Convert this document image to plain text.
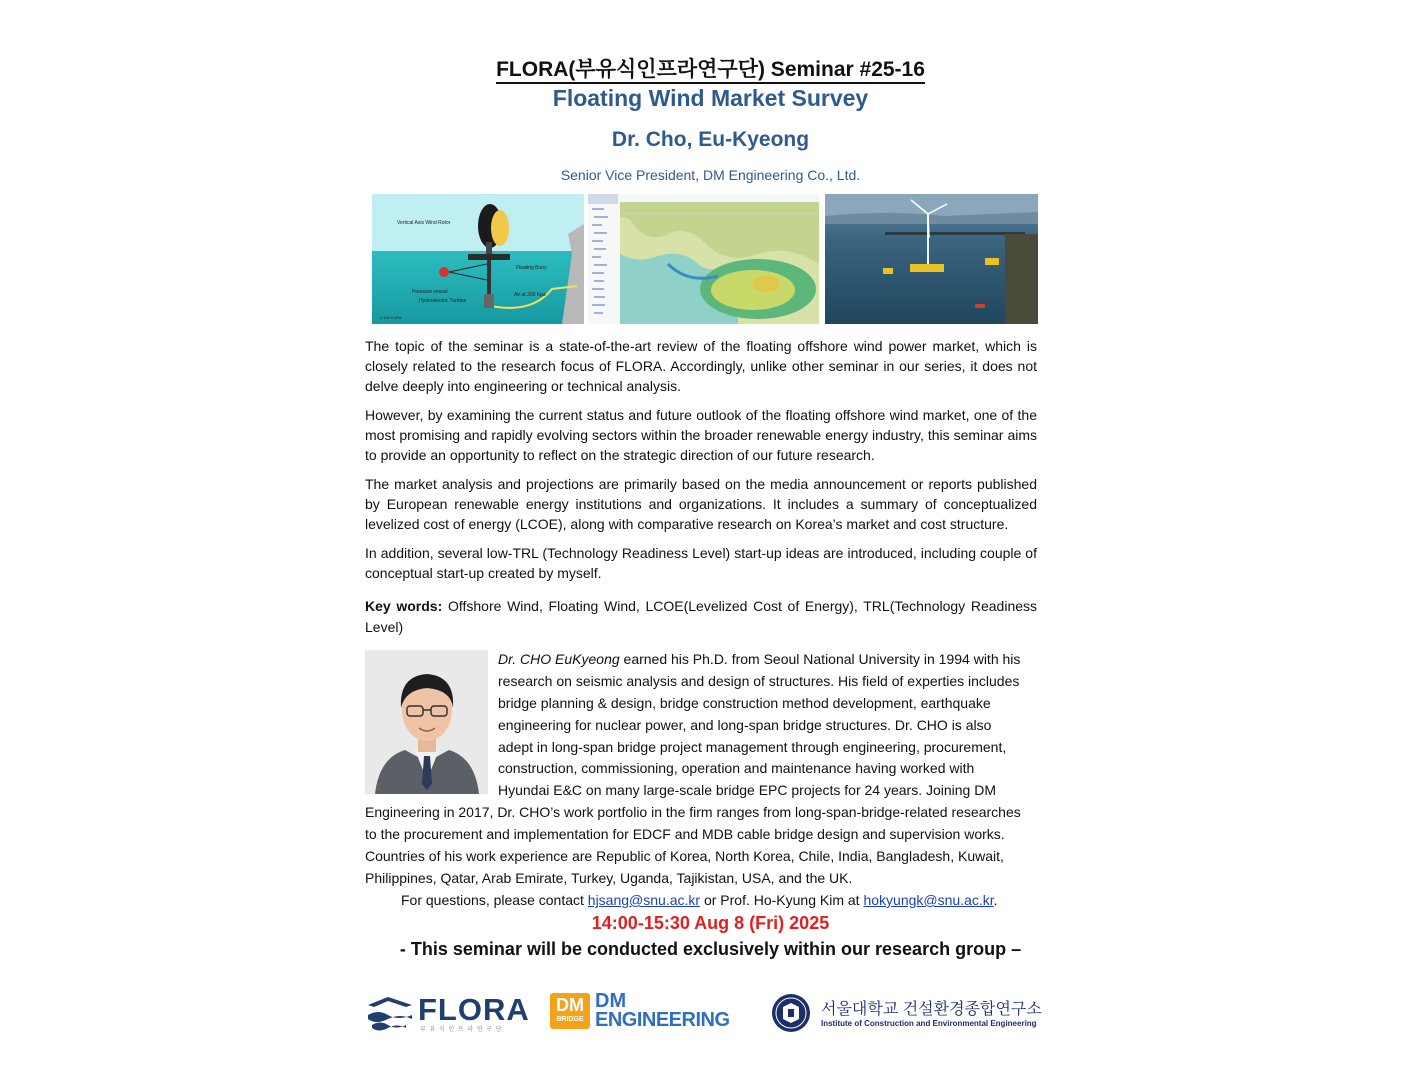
FLORA(부유식인프라연구단) Seminar #25-16
Floating Wind Market Survey
Dr. Cho, Eu-Kyeong
Senior Vice President, DM Engineering Co., Ltd.
Vertical Axis Wind Rotor
Floating Buoy
Pressure vessel
Hydroelectric Turbine
Air at 200 Kpa
1 100.0 kPa
The topic of the seminar is a state-of-the-art review of the floating offshore wind power market, which is closely related to the research focus of FLORA. Accordingly, unlike other seminar in our series, it does not delve deeply into engineering or technical analysis.
However, by examining the current status and future outlook of the floating offshore wind market, one of the most promising and rapidly evolving sectors within the broader renewable energy industry, this seminar aims to provide an opportunity to reflect on the strategic direction of our future research.
The market analysis and projections are primarily based on the media announcement or reports published by European renewable energy institutions and organizations. It includes a summary of conceptualized levelized cost of energy (LCOE), along with comparative research on Korea’s market and cost structure.
In addition, several low-TRL (Technology Readiness Level) start-up ideas are introduced, including couple of conceptual start-up created by myself.
Key words: Offshore Wind, Floating Wind, LCOE(Levelized Cost of Energy), TRL(Technology Readiness Level)
Dr. CHO EuKyeong earned his Ph.D. from Seoul National University in 1994 with his
research on seismic analysis and design of structures. His field of experties includes
bridge planning & design, bridge construction method development, earthquake
engineering for nuclear power, and long-span bridge structures. Dr. CHO is also
adept in long-span bridge project management through engineering, procurement,
construction, commissioning, operation and maintenance having worked with
Hyundai E&C on many large-scale bridge EPC projects for 24 years. Joining DM
Engineering in 2017, Dr. CHO’s work portfolio in the firm ranges from long-span-bridge-related researches
to the procurement and implementation for EDCF and MDB cable bridge design and supervision works.
Countries of his work experience are Republic of Korea, North Korea, Chile, India, Bangladesh, Kuwait,
Philippines, Qatar, Arab Emirate, Turkey, Uganda, Tajikistan, USA, and the UK.
For questions, please contact hjsang@snu.ac.kr or Prof. Ho-Kyung Kim at hokyungk@snu.ac.kr.
14:00-15:30 Aug 8 (Fri) 2025
- This seminar will be conducted exclusively within our research group –
FLORA
부 유 식 인 프 라 연 구 단
DM
BRIDGE
DM
ENGINEERING	서울대학교 건설환경종합연구소
Institute of Construction and Environmental Engineering
